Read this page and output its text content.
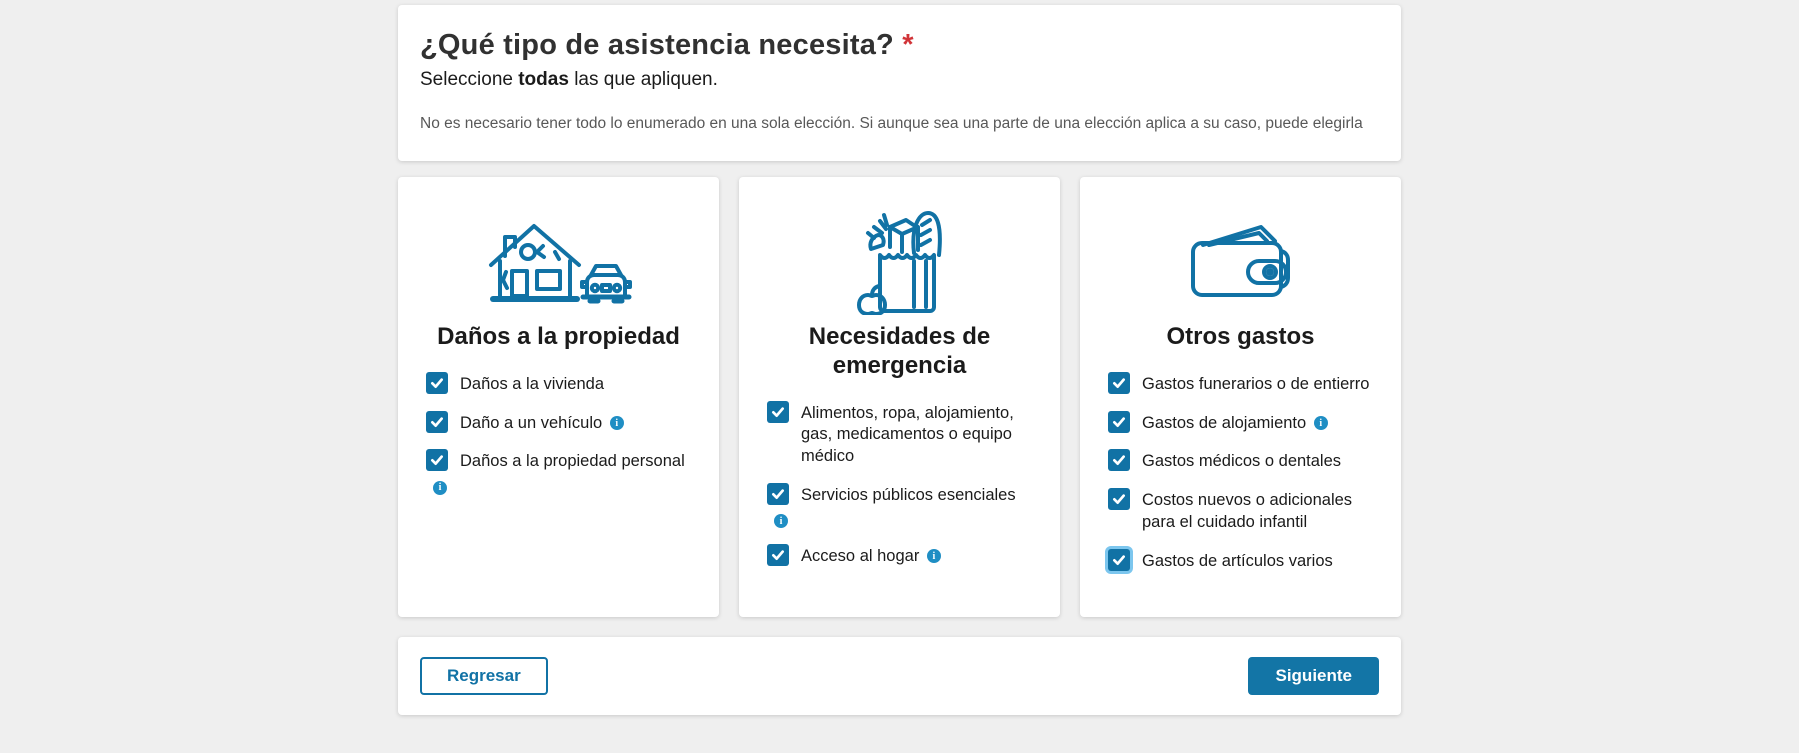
¿Qué tipo de asistencia necesita? *
Seleccione todas las que apliquen.
No es necesario tener todo lo enumerado en una sola elección. Si aunque sea una parte de una elección aplica a su caso, puede elegirla
Daños a la propiedad
Daños a la vivienda
Daño a un vehículo i
Daños a la propiedad personal
i
Necesidades de emergencia
Alimentos, ropa, alojamiento, gas, medicamentos o equipo médico
Servicios públicos esenciales
i
Acceso al hogar i
Otros gastos
Gastos funerarios o de entierro
Gastos de alojamiento i
Gastos médicos o dentales
Costos nuevos o adicionales para el cuidado infantil
Gastos de artículos varios
Regresar	Siguiente
